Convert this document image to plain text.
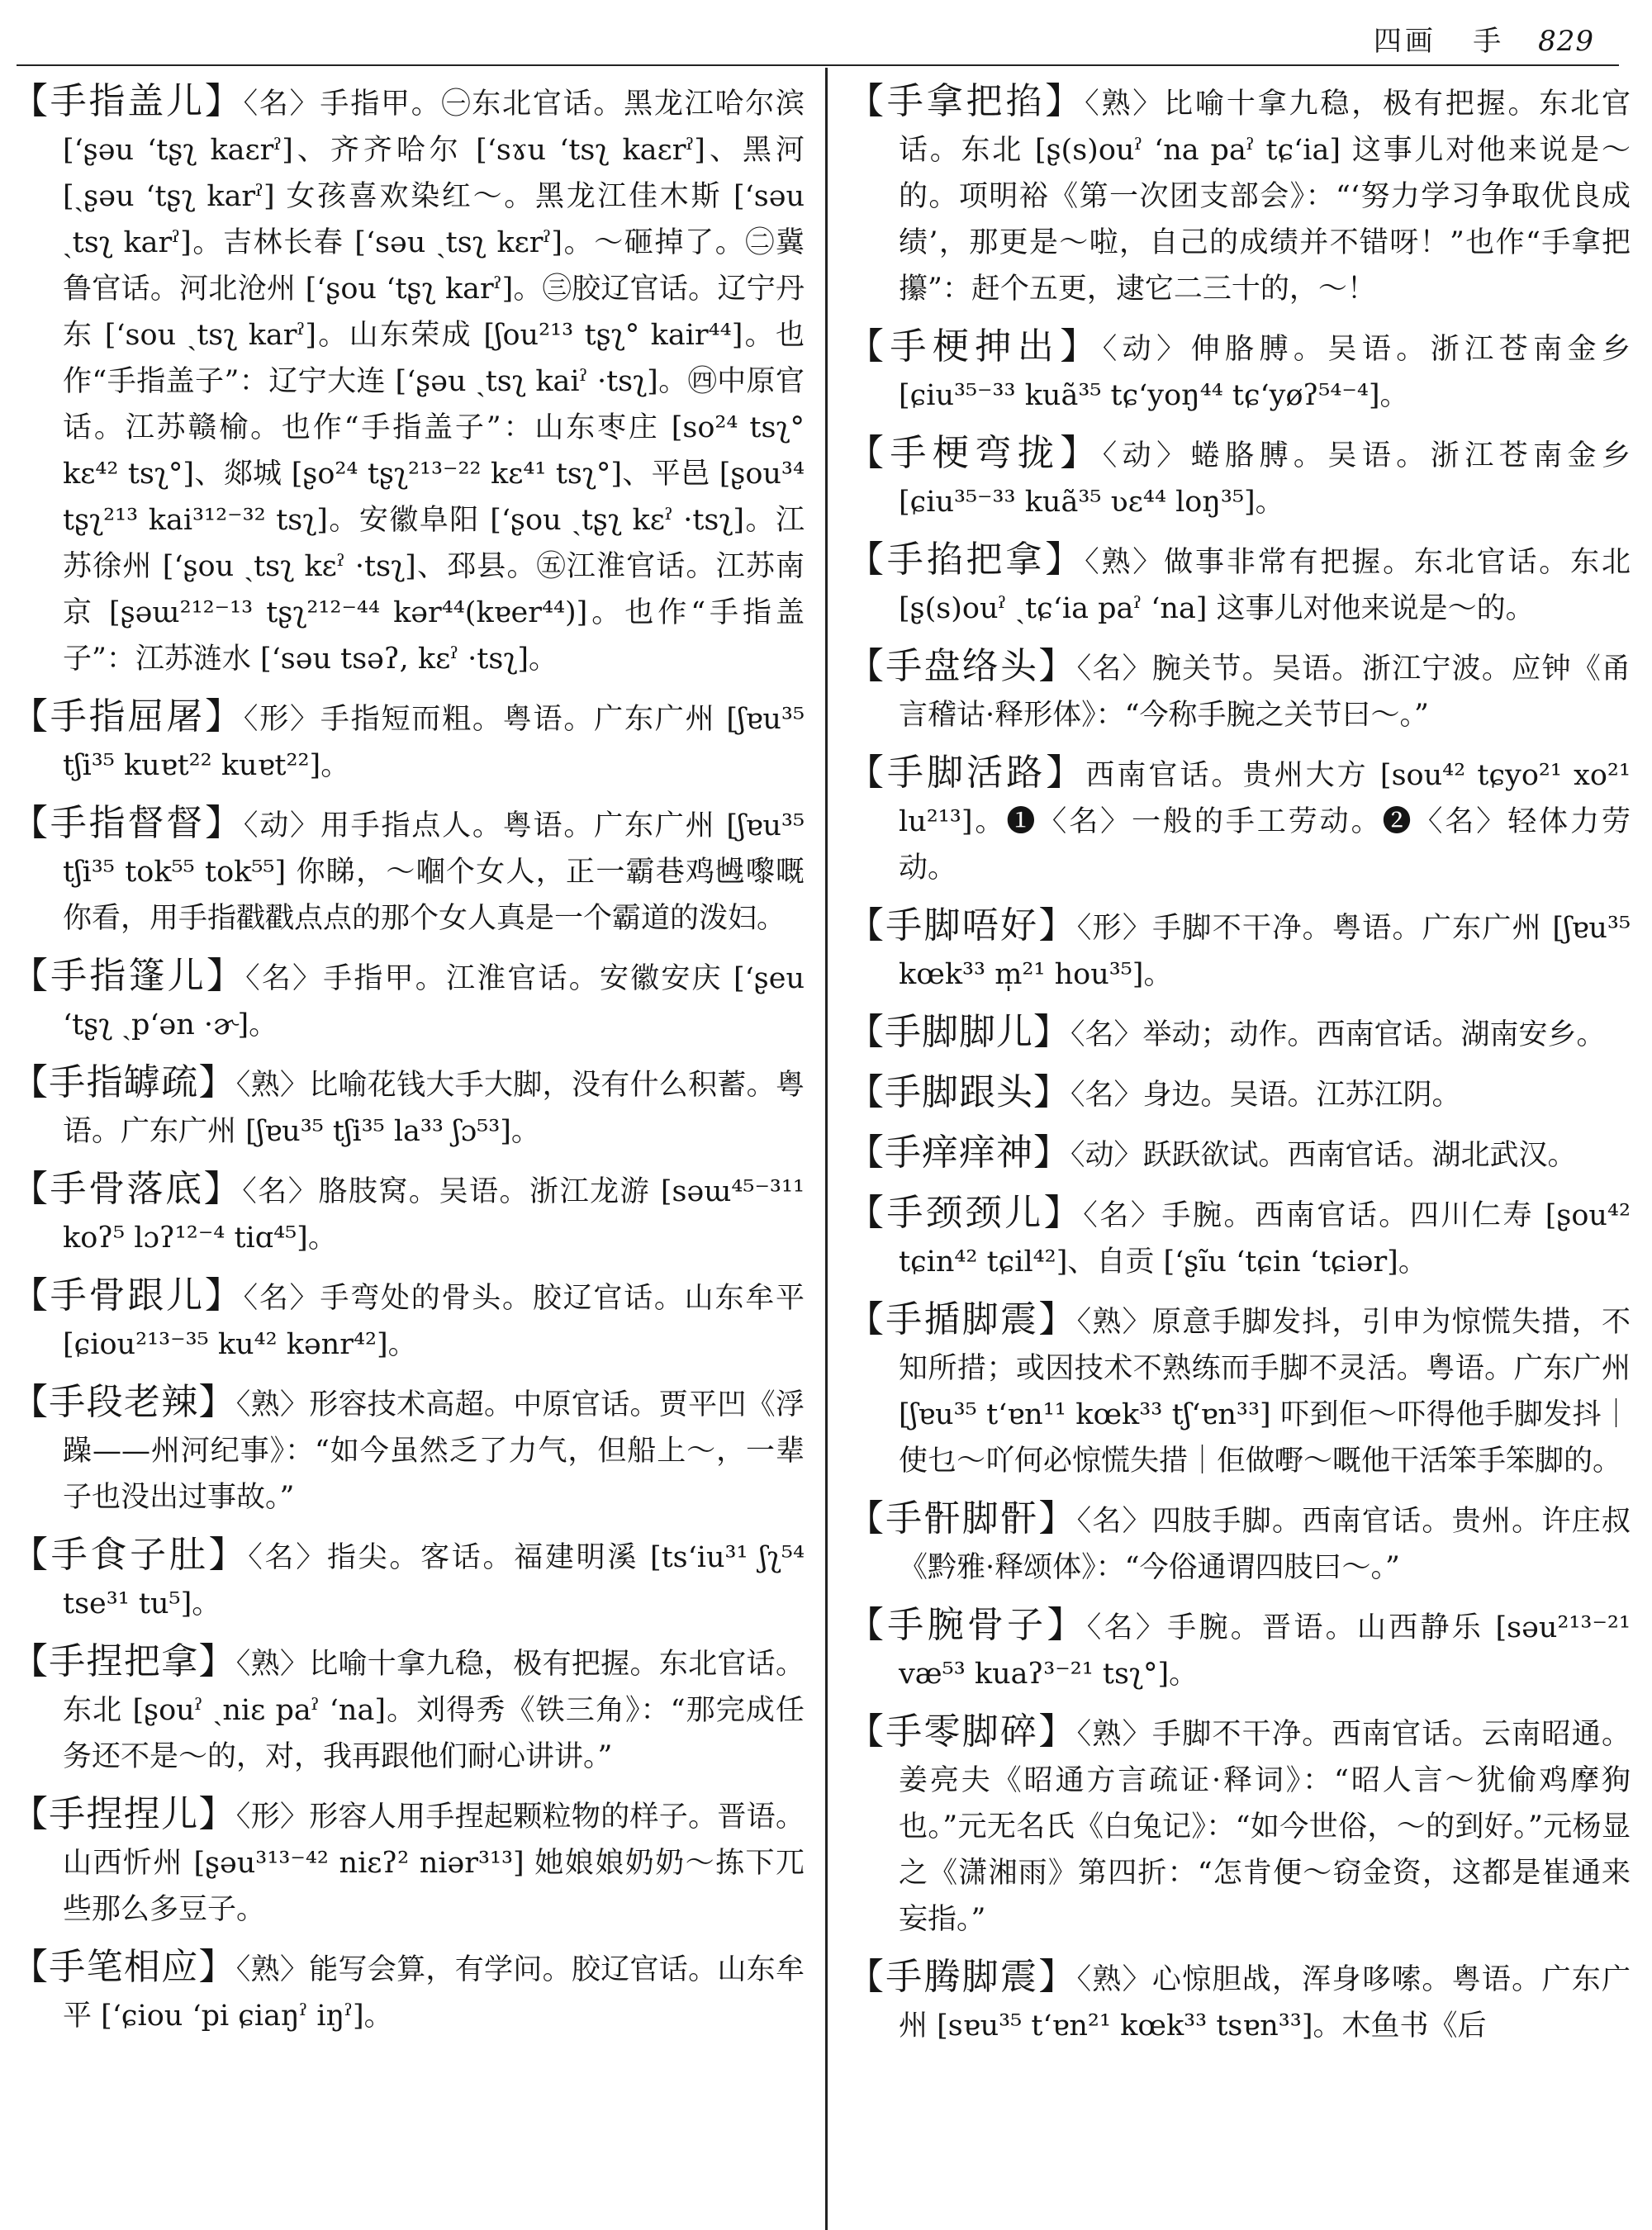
四画 手 829

【手指盖儿】〈名〉手指甲。㊀东北官话。黑龙江哈尔滨 [ʻʂəu ʻtʂʅ kaɛrˀ]、齐齐哈尔 [ʻsɤu ʻtsʅ kaɛrˀ]、黑河 [ˏʂəu ʻtʂʅ karˀ] 女孩喜欢染红～。黑龙江佳木斯 [ʻsəu ˏtsʅ karˀ]。吉林长春 [ʻsəu ˏtsʅ kɛrˀ]。～砸掉了。㊁冀鲁官话。河北沧州 [ʻʂou ʻtʂʅ karˀ]。㊂胶辽官话。辽宁丹东 [ʻsou ˏtsʅ karˀ]。山东荣成 [ʃou²¹³ tʂʅ° kair⁴⁴]。也作“手指盖子”：辽宁大连 [ʻʂəu ˏtsʅ kaiˀ ·tsʅ]。㊃中原官话。江苏赣榆。也作“手指盖子”：山东枣庄 [so²⁴ tsʅ° kɛ⁴² tsʅ°]、郯城 [ʂo²⁴ tʂʅ²¹³⁻²² kɛ⁴¹ tsʅ°]、平邑 [ʂou³⁴ tʂʅ²¹³ kai³¹²⁻³² tsʅ]。安徽阜阳 [ʻʂou ˏtʂʅ kɛˀ ·tsʅ]。江苏徐州 [ʻʂou ˏtsʅ kɛˀ ·tsʅ]、邳县。㊄江淮官话。江苏南京 [ʂəɯ²¹²⁻¹³ tʂʅ²¹²⁻⁴⁴ kər⁴⁴(kɐer⁴⁴)]。也作“手指盖子”：江苏涟水 [ʻsəu tsəʔ, kɛˀ ·tsʅ]。

【手指屈屠】〈形〉手指短而粗。粤语。广东广州 [ʃɐu³⁵ tʃi³⁵ kuɐt²² kuɐt²²]。

【手指督督】〈动〉用手指点人。粤语。广东广州 [ʃɐu³⁵ tʃi³⁵ tok⁵⁵ tok⁵⁵] 你睇，～嗰个女人，正一霸巷鸡乸嚟嘅 你看，用手指戳戳点点的那个女人真是一个霸道的泼妇。

【手指篷儿】〈名〉手指甲。江淮官话。安徽安庆 [ʻʂeu ʻtʂʅ ˏpʻən ·ɚ]。

【手指罅疏】〈熟〉比喻花钱大手大脚，没有什么积蓄。粤语。广东广州 [ʃɐu³⁵ tʃi³⁵ la³³ ʃɔ⁵³]。

【手骨落底】〈名〉胳肢窝。吴语。浙江龙游 [səɯ⁴⁵⁻³¹¹ koʔ⁵ lɔʔ¹²⁻⁴ tiɑ⁴⁵]。

【手骨跟儿】〈名〉手弯处的骨头。胶辽官话。山东牟平 [ɕiou²¹³⁻³⁵ ku⁴² kənr⁴²]。

【手段老辣】〈熟〉形容技术高超。中原官话。贾平凹《浮躁——州河纪事》：“如今虽然乏了力气，但船上～，一辈子也没出过事故。”

【手食子肚】〈名〉指尖。客话。福建明溪 [tsʻiu³¹ ʃʅ⁵⁴ tse³¹ tu⁵]。

【手捏把拿】〈熟〉比喻十拿九稳，极有把握。东北官话。东北 [ʂouˀ ˏniɛ paˀ ʻna]。刘得秀《铁三角》：“那完成任务还不是～的，对，我再跟他们耐心讲讲。”

【手捏捏儿】〈形〉形容人用手捏起颗粒物的样子。晋语。山西忻州 [ʂəu³¹³⁻⁴² niɛʔ² niər³¹³] 她娘娘奶奶～拣下兀些那么多豆子。

【手笔相应】〈熟〉能写会算，有学问。胶辽官话。山东牟平 [ʻɕiou ʻpi ɕiaŋˀ iŋˀ]。

【手拿把掐】〈熟〉比喻十拿九稳，极有把握。东北官话。东北 [ʂ(s)ouˀ ʻna paˀ tɕʻia] 这事儿对他来说是～的。项明裕《第一次团支部会》：“‘努力学习争取优良成绩’，那更是～啦，自己的成绩并不错呀！”也作“手拿把攥”：赶个五更，逮它二三十的，～！

【手梗抻出】〈动〉伸胳膊。吴语。浙江苍南金乡 [ɕiu³⁵⁻³³ kuã³⁵ tɕʻyoŋ⁴⁴ tɕʻyøʔ⁵⁴⁻⁴]。

【手梗弯拢】〈动〉蜷胳膊。吴语。浙江苍南金乡 [ɕiu³⁵⁻³³ kuã³⁵ ʋɛ⁴⁴ loŋ³⁵]。

【手掐把拿】〈熟〉做事非常有把握。东北官话。东北 [ʂ(s)ouˀ ˏtɕʻia paˀ ʻna] 这事儿对他来说是～的。

【手盘络头】〈名〉腕关节。吴语。浙江宁波。应钟《甬言稽诂·释形体》：“今称手腕之关节曰～。”

【手脚活路】西南官话。贵州大方 [sou⁴² tɕyo²¹ xo²¹ lu²¹³]。❶〈名〉一般的手工劳动。❷〈名〉轻体力劳动。

【手脚唔好】〈形〉手脚不干净。粤语。广东广州 [ʃɐu³⁵ kœk³³ m̩²¹ hou³⁵]。

【手脚脚儿】〈名〉举动；动作。西南官话。湖南安乡。

【手脚跟头】〈名〉身边。吴语。江苏江阴。

【手痒痒神】〈动〉跃跃欲试。西南官话。湖北武汉。

【手颈颈儿】〈名〉手腕。西南官话。四川仁寿 [ʂou⁴² tɕin⁴² tɕil⁴²]、自贡 [ʻʂĩu ʻtɕin ʻtɕiər]。

【手揗脚震】〈熟〉原意手脚发抖，引申为惊慌失措，不知所措；或因技术不熟练而手脚不灵活。粤语。广东广州 [ʃɐu³⁵ tʻɐn¹¹ kœk³³ tʃʻɐn³³] 吓到佢～吓得他手脚发抖｜使乜～吖何必惊慌失措｜佢做嘢～嘅他干活笨手笨脚的。

【手骭脚骭】〈名〉四肢手脚。西南官话。贵州。许庄叔《黔雅·释颂体》：“今俗通谓四肢曰～。”

【手腕骨子】〈名〉手腕。晋语。山西静乐 [səu²¹³⁻²¹ væ⁵³ kuaʔ³⁻²¹ tsʅ°]。

【手零脚碎】〈熟〉手脚不干净。西南官话。云南昭通。姜亮夫《昭通方言疏证·释词》：“昭人言～犹偷鸡摩狗也。”元无名氏《白兔记》：“如今世俗，～的到好。”元杨显之《潇湘雨》第四折：“怎肯便～窃金资，这都是崔通来妄指。”

【手腾脚震】〈熟〉心惊胆战，浑身哆嗦。粤语。广东广州 [sɐu³⁵ tʻɐn²¹ kœk³³ tsɐn³³]。木鱼书《后
